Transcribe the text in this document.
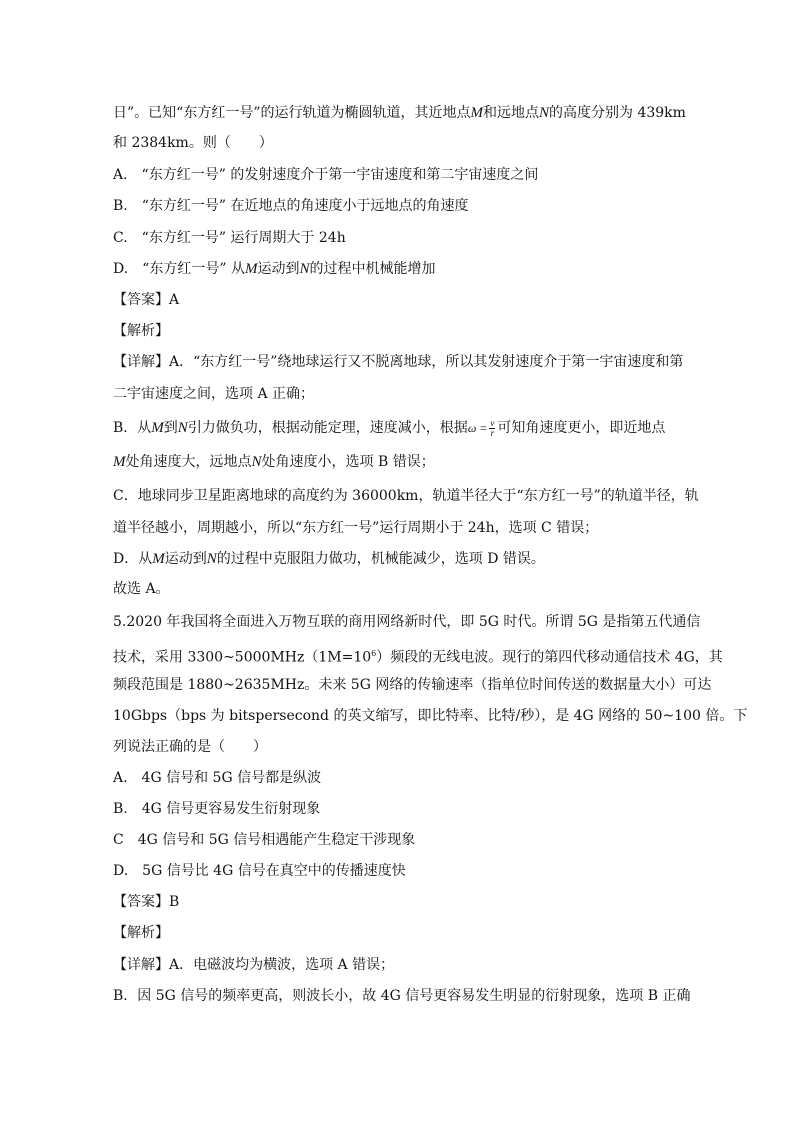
日”。已知“东方红一号”的运行轨道为椭圆轨道，其近地点M和远地点N的高度分别为 439km
和 2384km。则（　　）
A.　“东方红一号” 的发射速度介于第一宇宙速度和第二宇宙速度之间
B.　“东方红一号” 在近地点的角速度小于远地点的角速度
C.　“东方红一号” 运行周期大于 24h
D.　“东方红一号” 从M运动到N的过程中机械能增加
【答案】A
【解析】
【详解】A．“东方红一号”绕地球运行又不脱离地球，所以其发射速度介于第一宇宙速度和第
二宇宙速度之间，选项 A 正确；
B．从M到N引力做负功，根据动能定理，速度减小，根据$\omega = \frac{v}{r}$ 可知角速度更小，即近地点
M处角速度大，远地点N处角速度小，选项 B 错误；
C．地球同步卫星距离地球的高度约为 36000km，轨道半径大于“东方红一号”的轨道半径，轨
道半径越小，周期越小，所以“东方红一号”运行周期小于 24h，选项 C 错误；
D．从M运动到N的过程中克服阻力做功，机械能减少，选项 D 错误。
故选 A。
5.2020 年我国将全面进入万物互联的商用网络新时代，即 5G 时代。所谓 5G 是指第五代通信
技术，采用 $3300\sim 5000MHz(1M=10^6)$频段的无线电波。现行的第四代移动通信技术 4G，其
频段范围是 1880~2635MHz。未来 5G 网络的传输速率（指单位时间传送的数据量大小）可达
10Gbps（bps 为 bitspersecond 的英文缩写，即比特率、比特/秒），是 4G 网络的 50~100 倍。下
列说法正确的是（　　）
A.　4G 信号和 5G 信号都是纵波
B.　4G 信号更容易发生衍射现象
C　4G 信号和 5G 信号相遇能产生稳定干涉现象
D.　5G 信号比 4G 信号在真空中的传播速度快
【答案】B
【解析】
【详解】A．电磁波均为横波，选项 A 错误；
B．因 5G 信号的频率更高，则波长小，故 4G 信号更容易发生明显的衍射现象，选项 B 正确
